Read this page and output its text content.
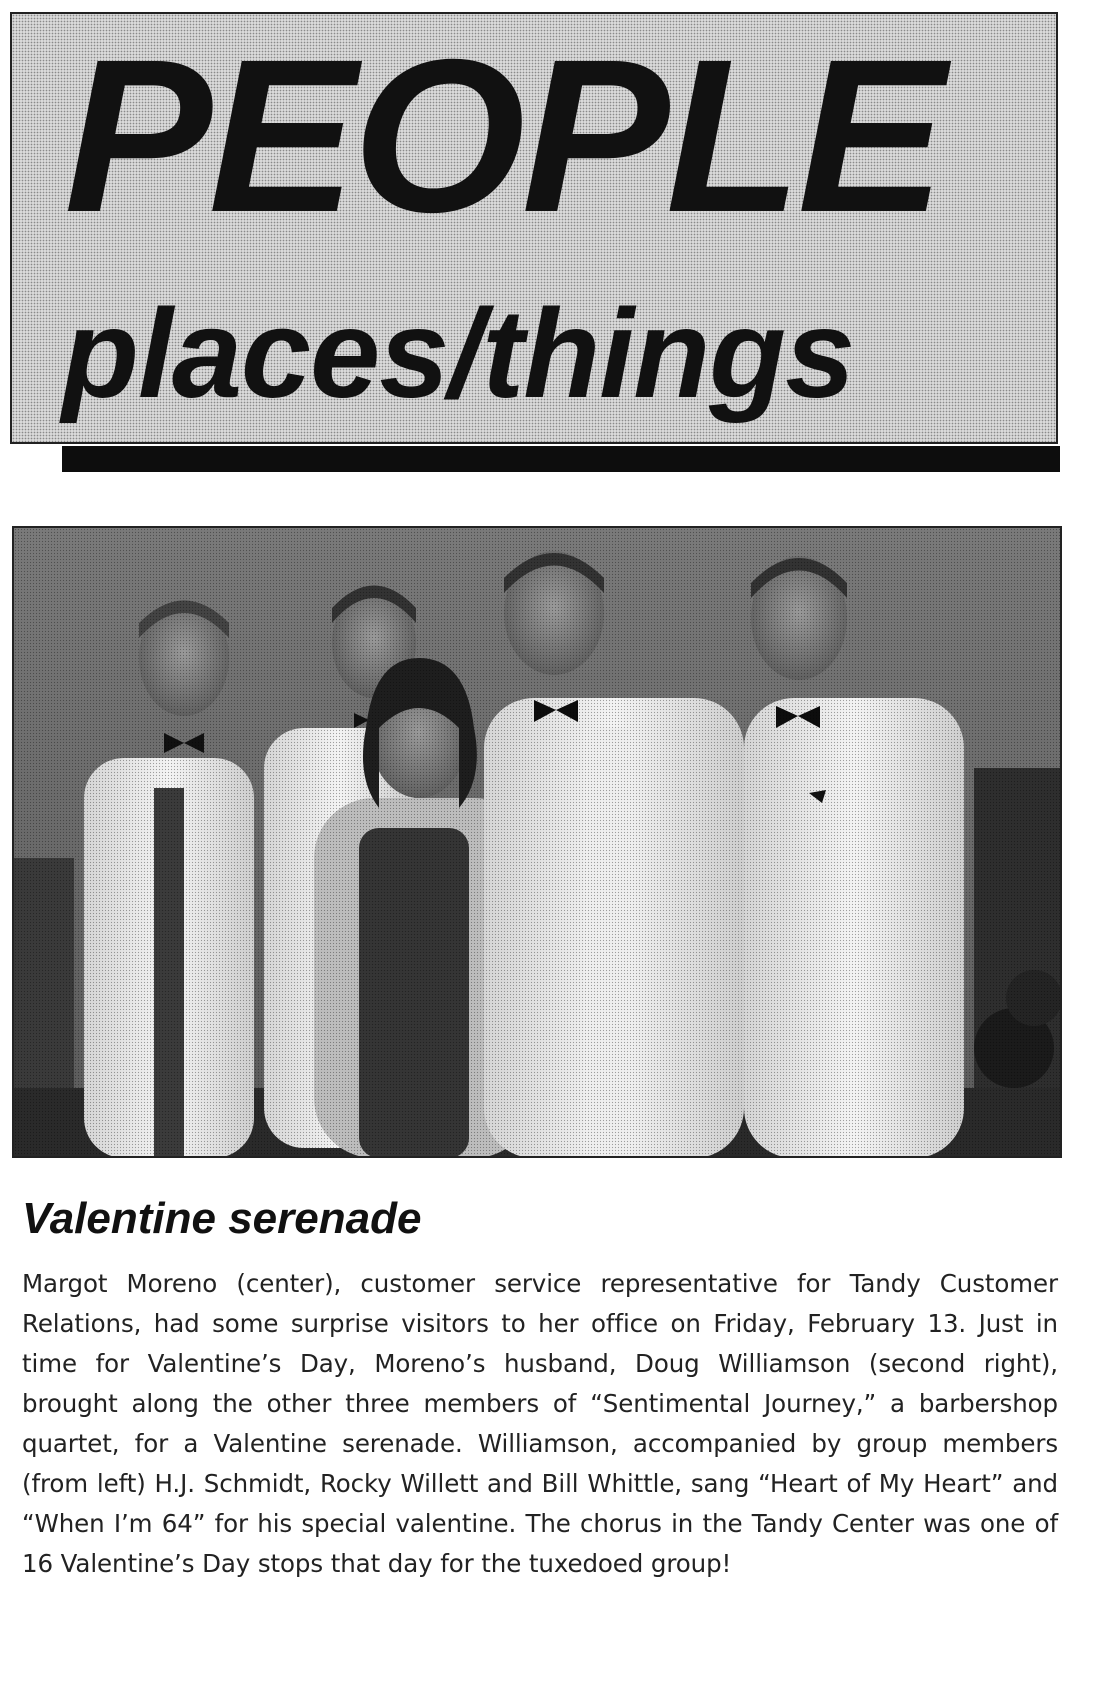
PEOPLE
places/things
Valentine serenade

Margot Moreno (center), customer service representative for Tandy Customer Relations, had some surprise visitors to her office on Friday, February 13. Just in time for Valentine’s Day, Moreno’s husband, Doug Williamson (second right), brought along the other three members of “Sentimental Journey,” a barbershop quartet, for a Valentine serenade. Williamson, accompanied by group members (from left) H.J. Schmidt, Rocky Willett and Bill Whittle, sang “Heart of My Heart” and “When I’m 64” for his special valentine. The chorus in the Tandy Center was one of 16 Valentine’s Day stops that day for the tuxedoed group!
